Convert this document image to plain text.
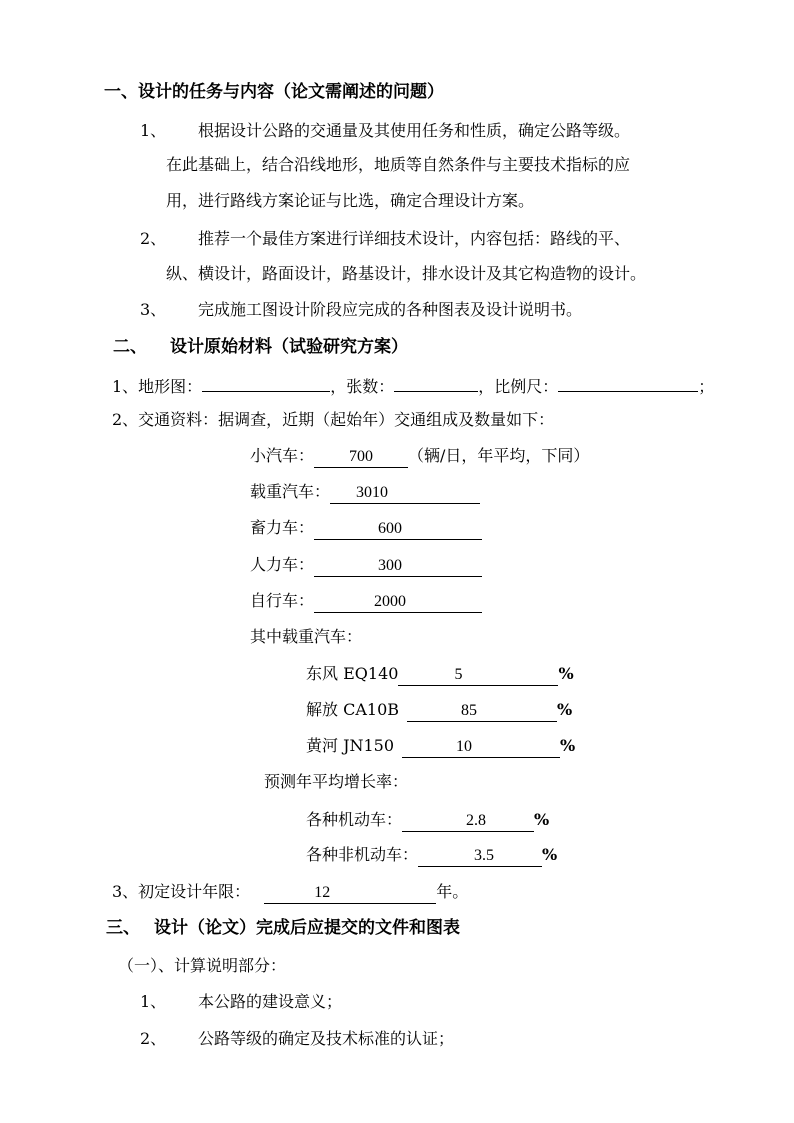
一、设计的任务与内容（论文需阐述的问题）
1、 根据设计公路的交通量及其使用任务和性质，确定公路等级。
在此基础上，结合沿线地形，地质等自然条件与主要技术指标的应
用，进行路线方案论证与比选，确定合理设计方案。
2、 推荐一个最佳方案进行详细技术设计，内容包括：路线的平、
纵、横设计，路面设计，路基设计，排水设计及其它构造物的设计。
3、 完成施工图设计阶段应完成的各种图表及设计说明书。
二、 设计原始材料（试验研究方案）
1、地形图：	，张数：	，比例尺：	；
2、交通资料：据调查，近期（起始年）交通组成及数量如下：
小汽车： 700 （辆/日，年平均，下同）
载重汽车： 3010
畜力车：	600
人力车：	300
自行车：	2000
其中载重汽车：
东风 EQ140	5	%
解放 CA10B	85	%
黄河 JN150	10	%
预测年平均增长率：
各种机动车：	2.8	%
各种非机动车：	3.5	%
3、初定设计年限：	12	年。
三、 设计（论文）完成后应提交的文件和图表
（一）、计算说明部分：
1、 本公路的建设意义；
2、 公路等级的确定及技术标准的认证；
